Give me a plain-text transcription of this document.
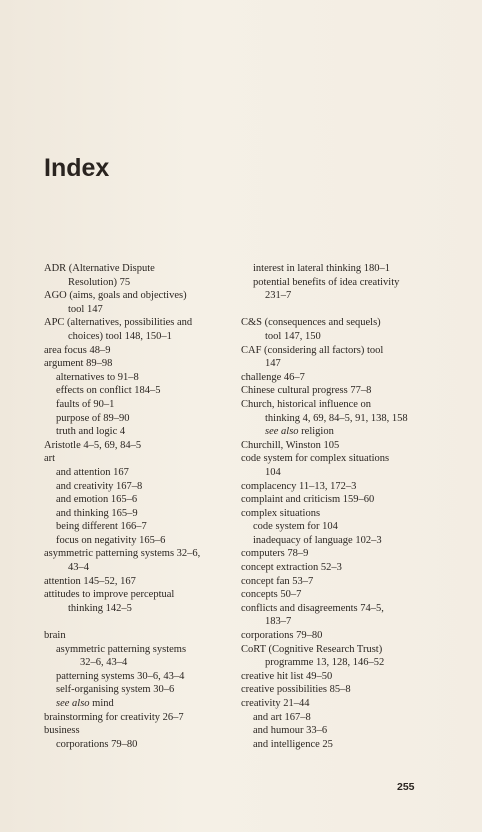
Index
ADR (Alternative Dispute
Resolution) 75
AGO (aims, goals and objectives)
tool 147
APC (alternatives, possibilities and
choices) tool 148, 150–1
area focus 48–9
argument 89–98
alternatives to 91–8
effects on conflict 184–5
faults of 90–1
purpose of 89–90
truth and logic 4
Aristotle 4–5, 69, 84–5
art
and attention 167
and creativity 167–8
and emotion 165–6
and thinking 165–9
being different 166–7
focus on negativity 165–6
asymmetric patterning systems 32–6,
43–4
attention 145–52, 167
attitudes to improve perceptual
thinking 142–5
brain
asymmetric patterning systems
32–6, 43–4
patterning systems 30–6, 43–4
self-organising system 30–6
see also mind
brainstorming for creativity 26–7
business
corporations 79–80
interest in lateral thinking 180–1
potential benefits of idea creativity
231–7
C&S (consequences and sequels)
tool 147, 150
CAF (considering all factors) tool
147
challenge 46–7
Chinese cultural progress 77–8
Church, historical influence on
thinking 4, 69, 84–5, 91, 138, 158
see also religion
Churchill, Winston 105
code system for complex situations
104
complacency 11–13, 172–3
complaint and criticism 159–60
complex situations
code system for 104
inadequacy of language 102–3
computers 78–9
concept extraction 52–3
concept fan 53–7
concepts 50–7
conflicts and disagreements 74–5,
183–7
corporations 79–80
CoRT (Cognitive Research Trust)
programme 13, 128, 146–52
creative hit list 49–50
creative possibilities 85–8
creativity 21–44
and art 167–8
and humour 33–6
and intelligence 25
255
